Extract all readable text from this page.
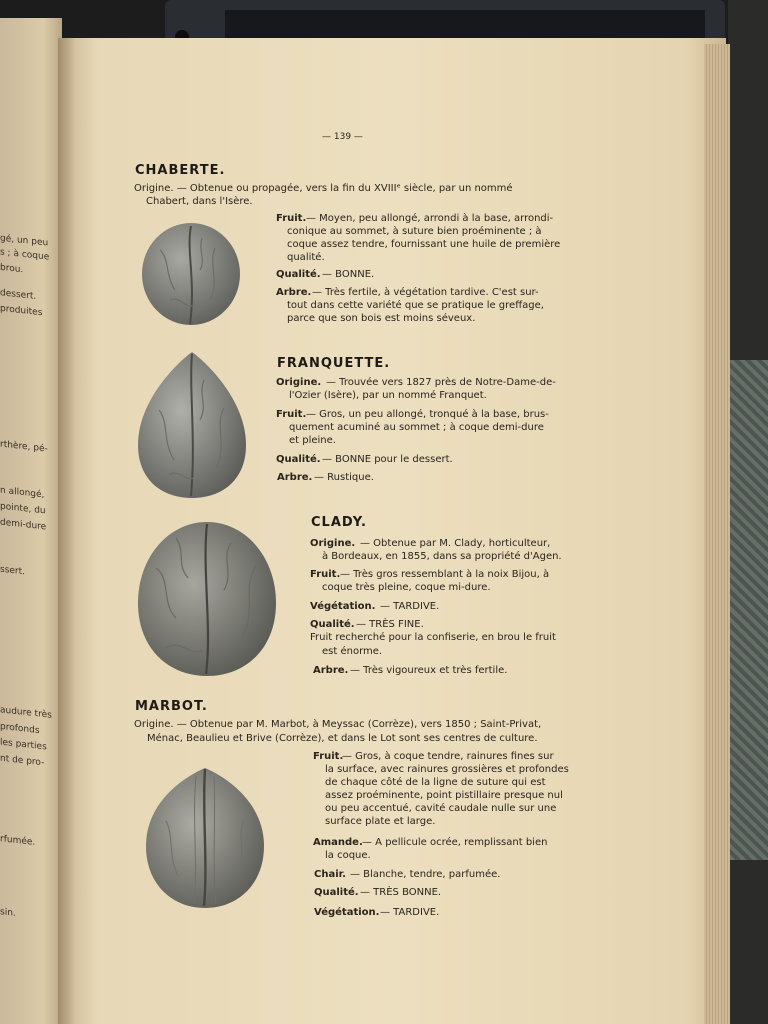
gé, un peu
s ; à coque
brou.
dessert.
produites
rthère, pé-
n allongé,
pointe, du
demi-dure
ssert.
audure très
profonds
les parties
nt de pro-
rfumée.
sin.
— 139 —
CHABERTE.
Origine. — Obtenue ou propagée, vers la fin du XVIIIᵉ siècle, par un nommé
Chabert, dans l'Isère.
Fruit. — Moyen, peu allongé, arrondi à la base, arrondi-
conique au sommet, à suture bien proéminente ; à
coque assez tendre, fournissant une huile de première
qualité.
Qualité. — BONNE.
Arbre. — Très fertile, à végétation tardive. C'est sur-
tout dans cette variété que se pratique le greffage,
parce que son bois est moins séveux.
FRANQUETTE.
Origine. — Trouvée vers 1827 près de Notre-Dame-de-
l'Ozier (Isère), par un nommé Franquet.
Fruit. — Gros, un peu allongé, tronqué à la base, brus-
quement acuminé au sommet ; à coque demi-dure
et pleine.
Qualité. — BONNE pour le dessert.
Arbre. — Rustique.
CLADY.
Origine. — Obtenue par M. Clady, horticulteur,
à Bordeaux, en 1855, dans sa propriété d'Agen.
Fruit. — Très gros ressemblant à la noix Bijou, à
coque très pleine, coque mi-dure.
Végétation. — TARDIVE.
Qualité. — TRÈS FINE.
Fruit recherché pour la confiserie, en brou le fruit
est énorme.
Arbre. — Très vigoureux et très fertile.
MARBOT.
Origine. — Obtenue par M. Marbot, à Meyssac (Corrèze), vers 1850 ; Saint-Privat,
Ménac, Beaulieu et Brive (Corrèze), et dans le Lot sont ses centres de culture.
Fruit.
— Gros, à coque tendre, rainures fines sur
la surface, avec rainures grossières et profondes
de chaque côté de la ligne de suture qui est
assez proéminente, point pistillaire presque nul
ou peu accentué, cavité caudale nulle sur une
surface plate et large.
Amande. — A pellicule ocrée, remplissant bien
la coque.
Chair. — Blanche, tendre, parfumée.
Qualité. — TRÈS BONNE.
Végétation. — TARDIVE.
